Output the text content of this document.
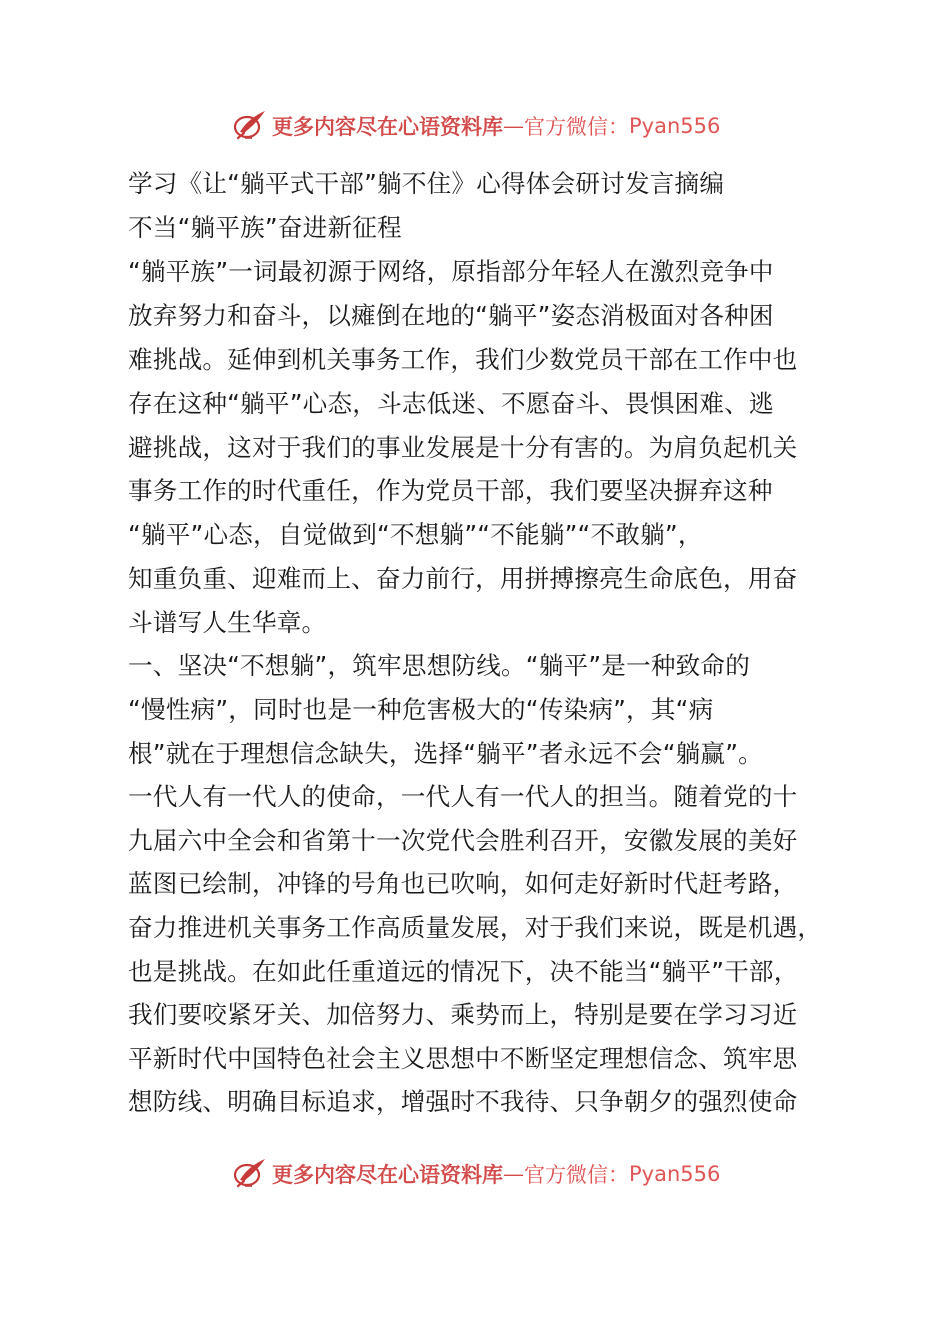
更多内容尽在心语资料库 — 官方微信： Pyan556
学习《让“躺平式干部”躺不住》心得体会研讨发言摘编
不当“躺平族”奋进新征程
“躺平族”一词最初源于网络，原指部分年轻人在激烈竞争中
放弃努力和奋斗，以瘫倒在地的“躺平”姿态消极面对各种困
难挑战。延伸到机关事务工作，我们少数党员干部在工作中也
存在这种“躺平”心态，斗志低迷、不愿奋斗、畏惧困难、逃
避挑战，这对于我们的事业发展是十分有害的。为肩负起机关
事务工作的时代重任，作为党员干部，我们要坚决摒弃这种
“躺平”心态，自觉做到“不想躺”“不能躺”“不敢躺”，
知重负重、迎难而上、奋力前行，用拼搏擦亮生命底色，用奋
斗谱写人生华章。
一、坚决“不想躺”，筑牢思想防线。“躺平”是一种致命的
“慢性病”，同时也是一种危害极大的“传染病”，其“病
根”就在于理想信念缺失，选择“躺平”者永远不会“躺赢”。
一代人有一代人的使命，一代人有一代人的担当。随着党的十
九届六中全会和省第十一次党代会胜利召开，安徽发展的美好
蓝图已绘制，冲锋的号角也已吹响，如何走好新时代赶考路，
奋力推进机关事务工作高质量发展，对于我们来说，既是机遇，
也是挑战。在如此任重道远的情况下，决不能当“躺平”干部，
我们要咬紧牙关、加倍努力、乘势而上，特别是要在学习习近
平新时代中国特色社会主义思想中不断坚定理想信念、筑牢思
想防线、明确目标追求，增强时不我待、只争朝夕的强烈使命
更多内容尽在心语资料库 — 官方微信： Pyan556
